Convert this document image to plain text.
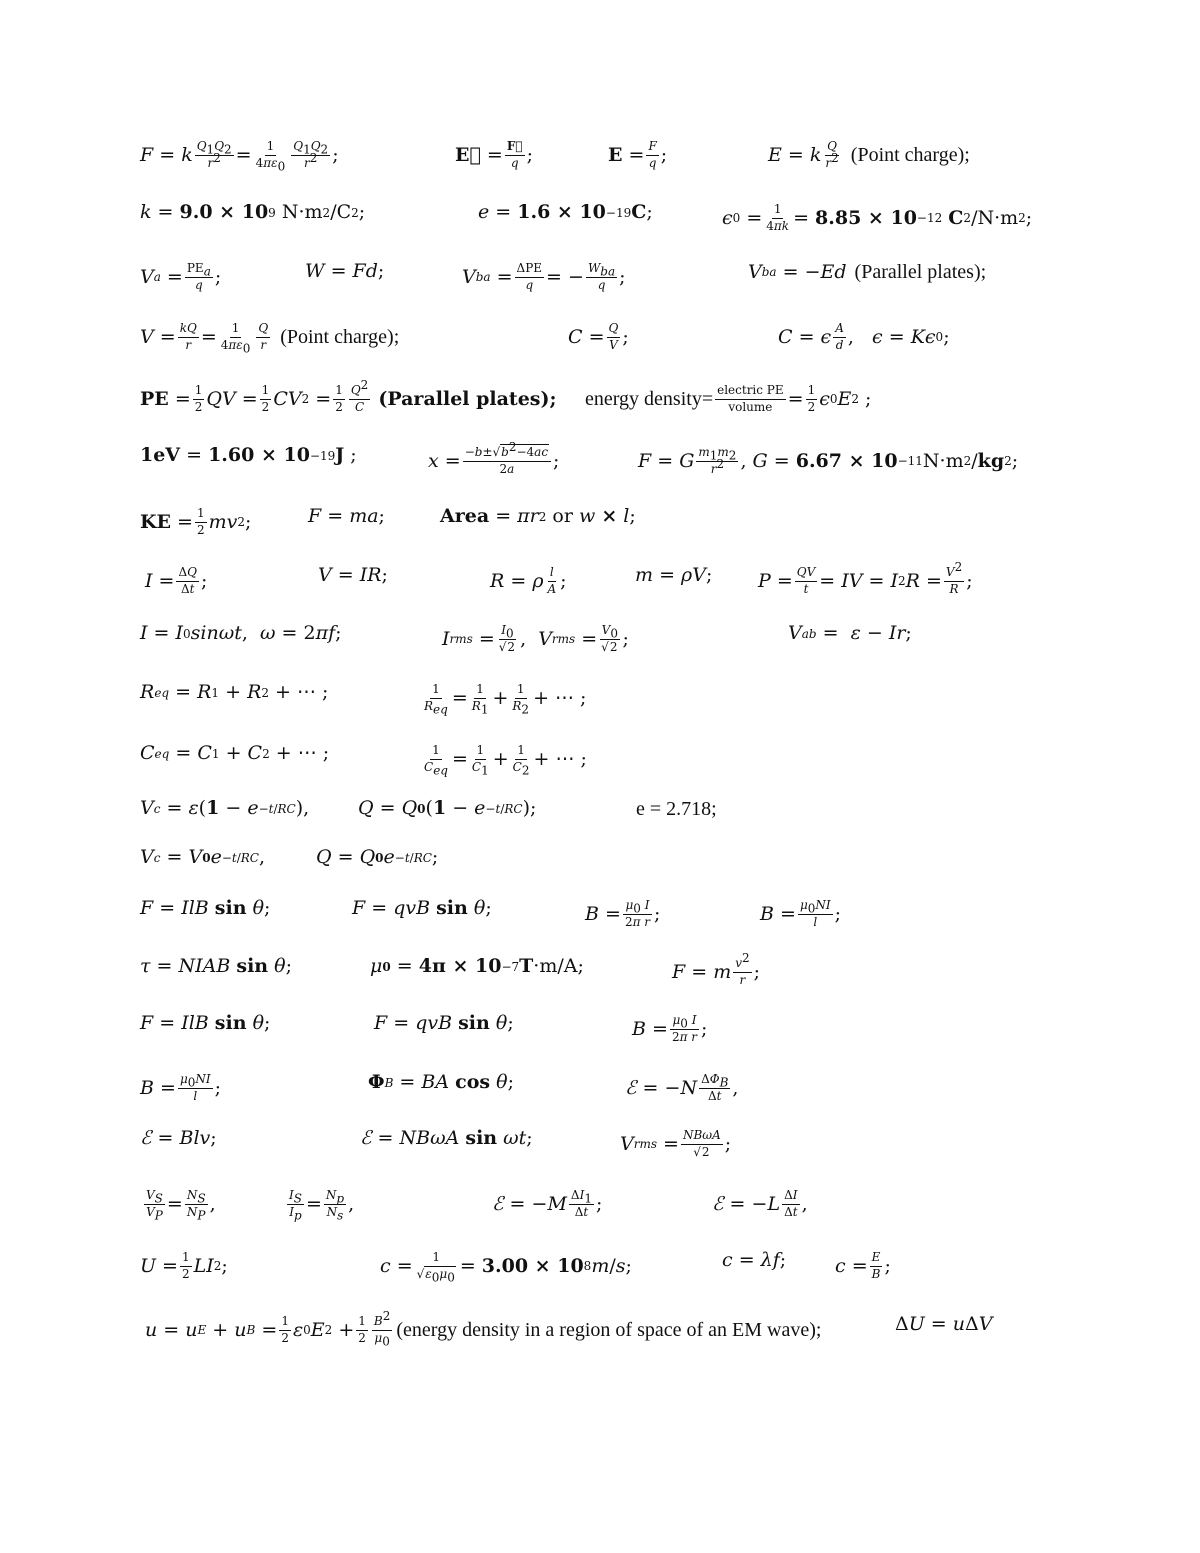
F = k $Q_1Q_2$
$r^2 = 1$
$4\pi\varepsilon_0$
$Q_1Q_2$
$r^2$ ;	E⃗ = F⃗
q ;	E = F
q ;	E = k Q
$r^2$ (Point charge);
k = 9.0 × 10 9 N·m 2 /C 2 ;	e = 1.6 × 10 −19 C ;	ϵ 0 = 1
4πk = 8.85 × 10 −12
C 2 /N·m 2 ;
V $a = PE_a$
q ;	W = Fd ;	V ba = ΔPE
q = − $W_{ba}$
q ;	V ba = − Ed (Parallel plates);
V = kQ
r = 1
$4\pi\varepsilon_0$
Q
r (Point charge);	C = Q
V ;	C = ϵ A
d , ϵ = Kϵ 0 ;
PE = 1
2 QV = 1
2 CV 2 = 1
2
$Q^2$
C
(Parallel plates); energy density= electric PE
volume = 1
2 ϵ 0 E 2 ;
1eV = 1.60 × 10 −19 J ;	$x = -b\pm√b^2-4ac$
2a ;	F = G $m_1m_2$
$r^2$ , G = 6.67 × 10 −11 N·m 2 / kg 2 ;
KE = 1
2 mv 2 ;	F = ma ;	Area = πr 2
or
w
×
l ;
I = ΔQ
Δt ;	V = IR ;	R = ρ l
A ;	m = ρV ; P = QV
t = IV = I 2 $R = V^2$
R ;
I = I 0 sinωt , ω = 2 πf ;	I rms = $I_0$
√2 , V rms = $V_0$
√2 ;	V ab = ε − Ir ;
R eq = R 1 + R 2 + ⋯ ;	1
$R_{eq}$
= 1
$R_1$
+ 1
$R_2$
+ ⋯ ;
C eq = C 1 + C 2 + ⋯ ;	1
$C_{eq}$
= 1
$C_1$
+ 1
$C_2$
+ ⋯ ;
V c = ε ( 1 − e −t/RC ),	Q = Q 0 ( 1 − e −t/RC );	e = 2.718;
V c = V 0 e −t/RC ,	Q = Q 0 e −t/RC ;
F = IlB
sin
θ ;	F = qvB
sin
θ ;	$B = \mu_0$ I
2π r ;	$B = \mu_0NI$
l ;
τ = NIAB
sin
θ ;	μ 0 = 4π × 10 −7 T ·m/A;	F = m $v^2$
r ;
F = IlB
sin
θ ;	F = qvB
sin
θ ;	$B = \mu_0$ I
2π r ;
$B = \mu_0NI$
l ;	Φ B = BA
cos
θ ;	ℰ = − N $\Delta\Phi_B$
Δt ,
ℰ = Blv ;	ℰ = NBωA
sin
ωt ;	V rms = NBωA
√2 ;
$V_S$
$V_P$
= $N_S$
$N_P$
,	$I_S$
$I_p$
= $N_p$
$N_s$
,	ℰ = − M $\Delta I_1$
Δt ;	ℰ = − L ΔI
Δt ,
U = 1
2 LI 2 ;	c = 1
$√\varepsilon_0\mu_0$
= 3.00 × 10 8 m / s ;	c = λf ;	c = E
B ;
u = u E + u B = 1
2 ε 0 E 2 + 1
2
$B^2$
$\mu_0$ (energy density in a region of space of an EM wave);	Δ U = u Δ V
